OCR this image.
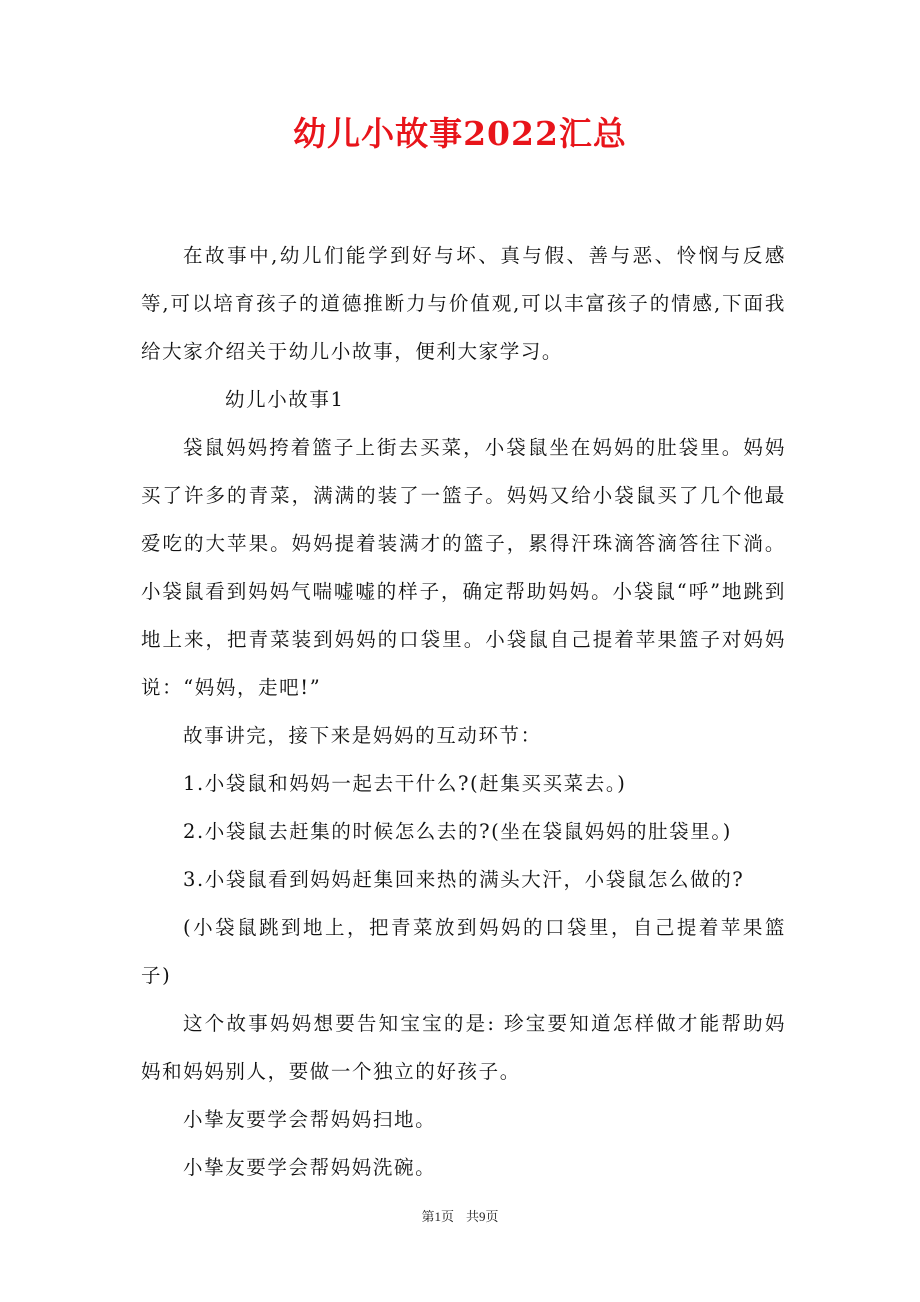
幼儿小故事2022汇总

在故事中,幼儿们能学到好与坏、真与假、善与恶、怜悯与反感等,可以培育孩子的道德推断力与价值观,可以丰富孩子的情感,下面我给大家介绍关于幼儿小故事，便利大家学习。

幼儿小故事1

袋鼠妈妈挎着篮子上街去买菜，小袋鼠坐在妈妈的肚袋里。妈妈买了许多的青菜，满满的装了一篮子。妈妈又给小袋鼠买了几个他最爱吃的大苹果。妈妈提着装满才的篮子，累得汗珠滴答滴答往下淌。小袋鼠看到妈妈气喘嘘嘘的样子，确定帮助妈妈。小袋鼠“呼”地跳到地上来，把青菜装到妈妈的口袋里。小袋鼠自己提着苹果篮子对妈妈说：“妈妈，走吧!”

故事讲完，接下来是妈妈的互动环节：

1.小袋鼠和妈妈一起去干什么?(赶集买买菜去。)

2.小袋鼠去赶集的时候怎么去的?(坐在袋鼠妈妈的肚袋里。)

3.小袋鼠看到妈妈赶集回来热的满头大汗，小袋鼠怎么做的?

(小袋鼠跳到地上，把青菜放到妈妈的口袋里，自己提着苹果篮子)

这个故事妈妈想要告知宝宝的是: 珍宝要知道怎样做才能帮助妈妈和妈妈别人，要做一个独立的好孩子。

小挚友要学会帮妈妈扫地。

小挚友要学会帮妈妈洗碗。

第1页 共9页
